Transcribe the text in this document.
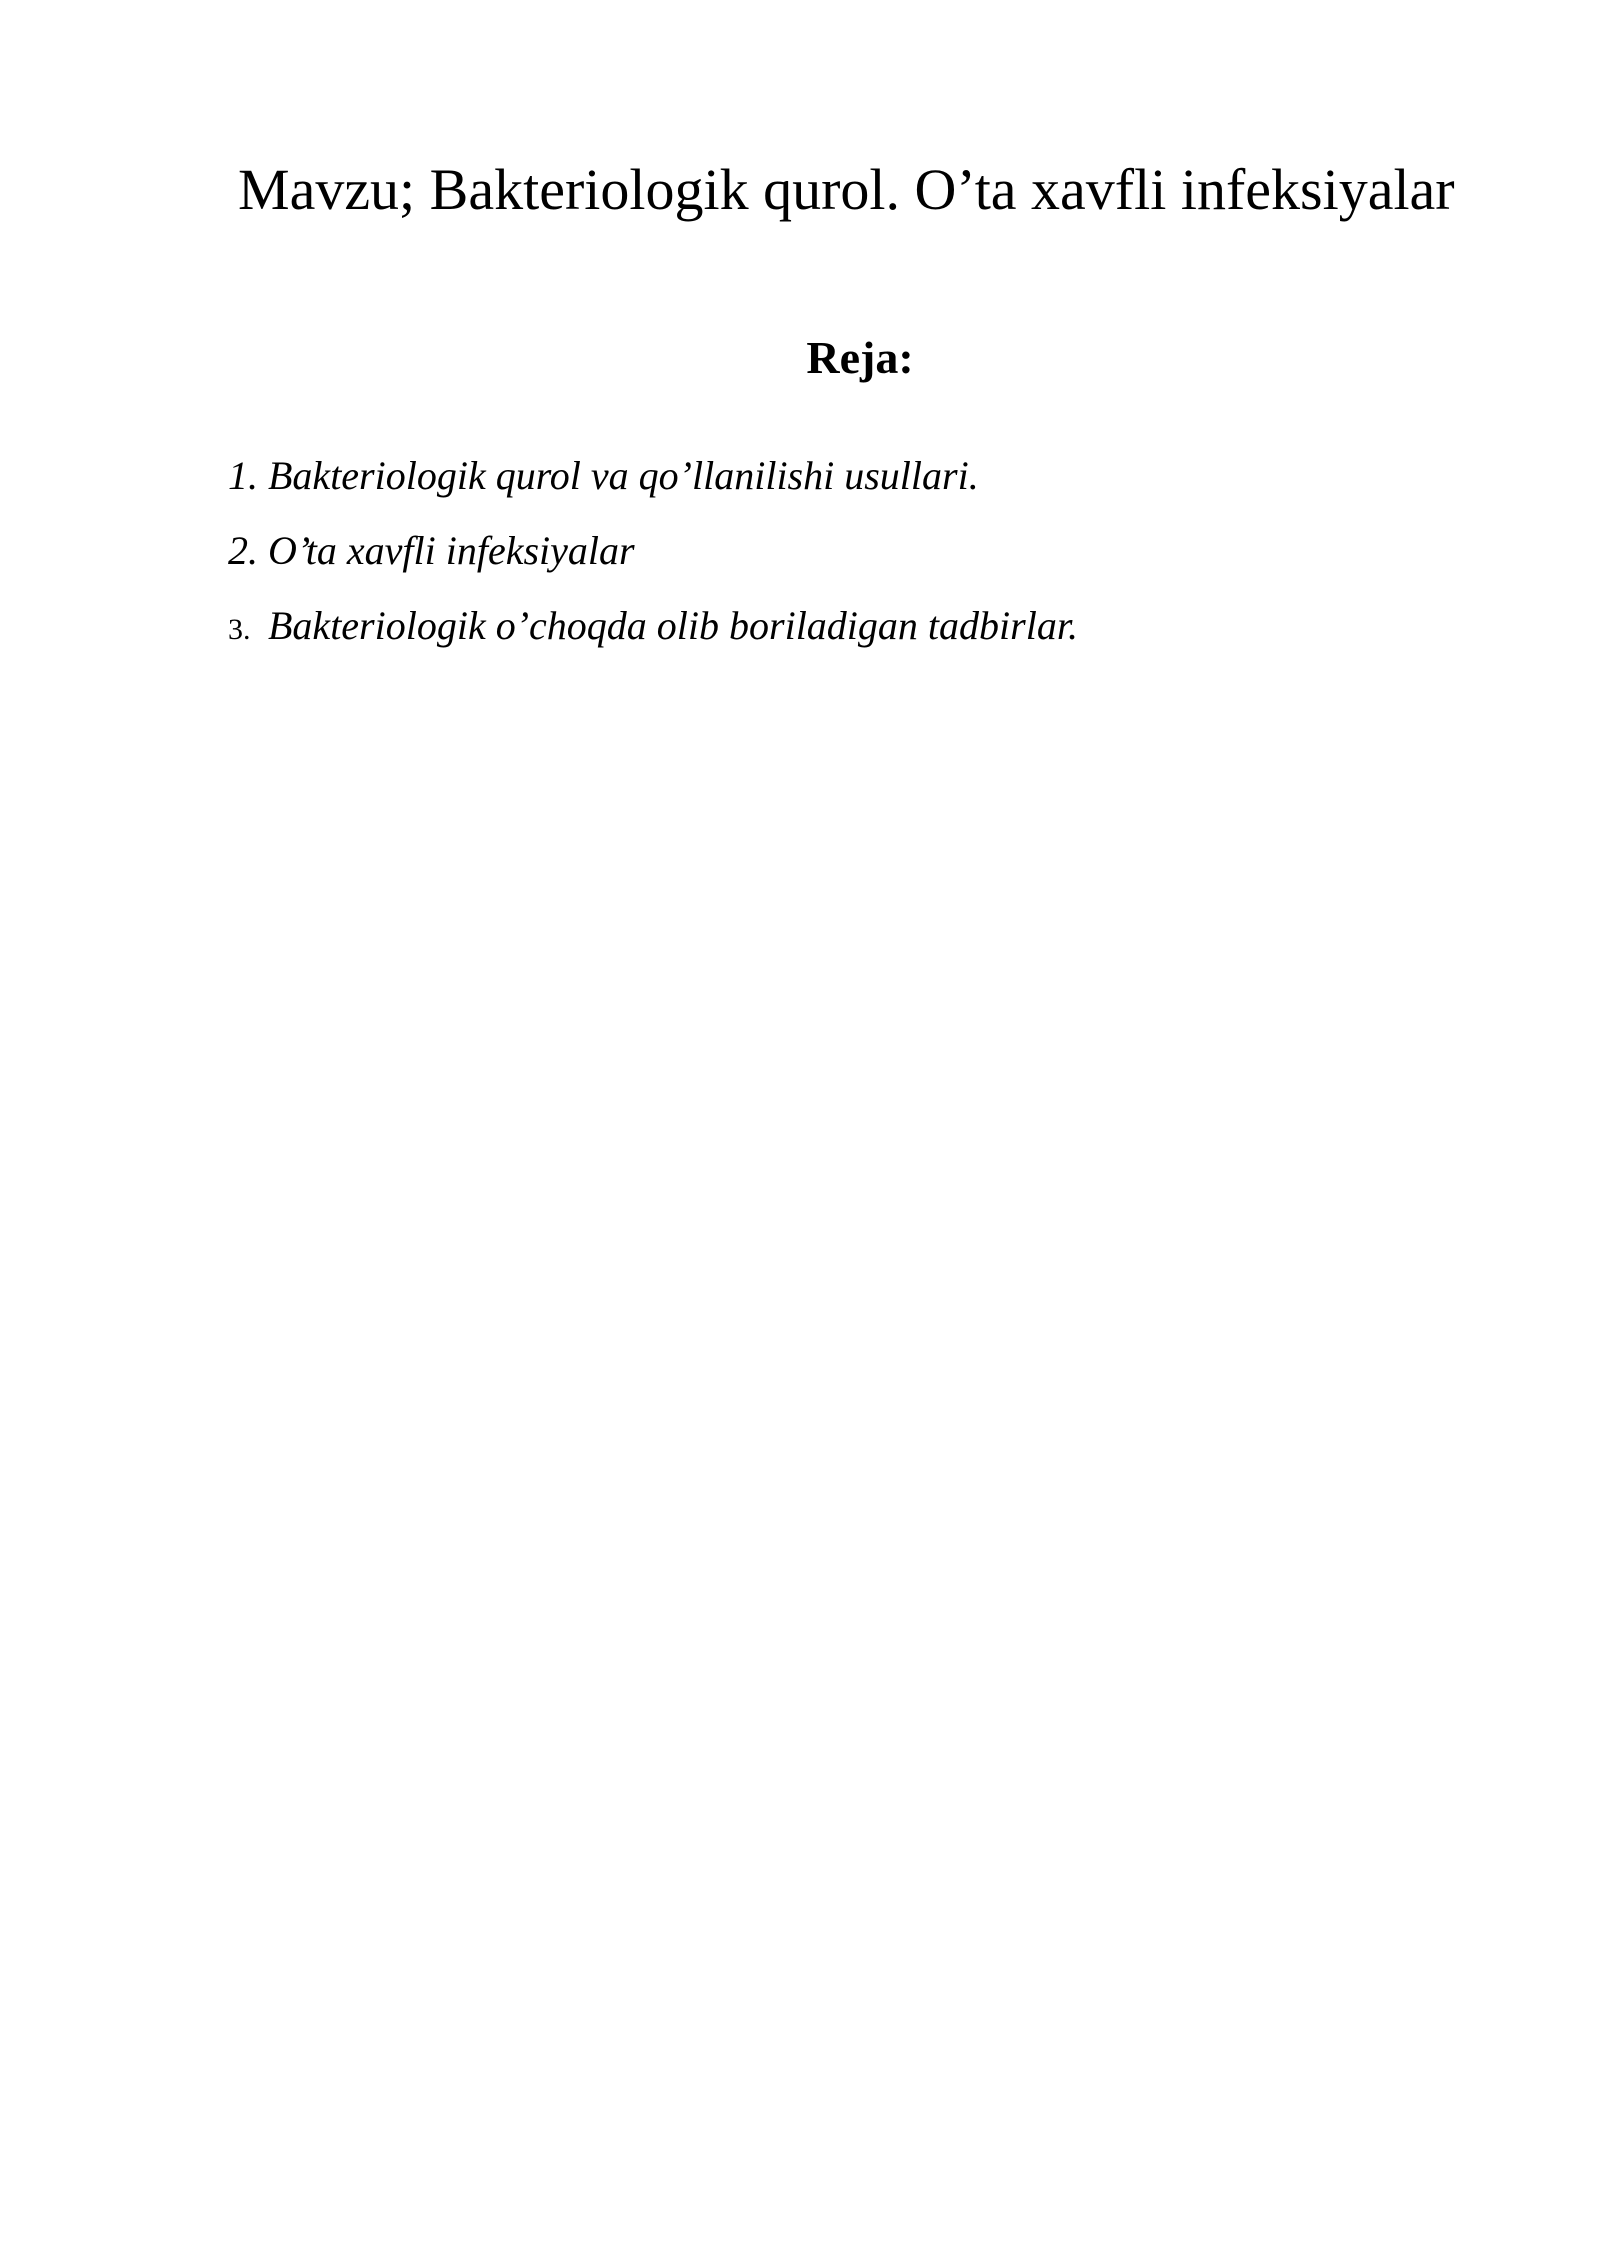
Mavzu; Bakteriologik qurol. O’ta xavfli infeksiyalar
Reja:
1. Bakteriologik qurol va qo’llanilishi usullari.
2. O’ta xavfli infeksiyalar
3. Bakteriologik o’choqda olib boriladigan tadbirlar.
